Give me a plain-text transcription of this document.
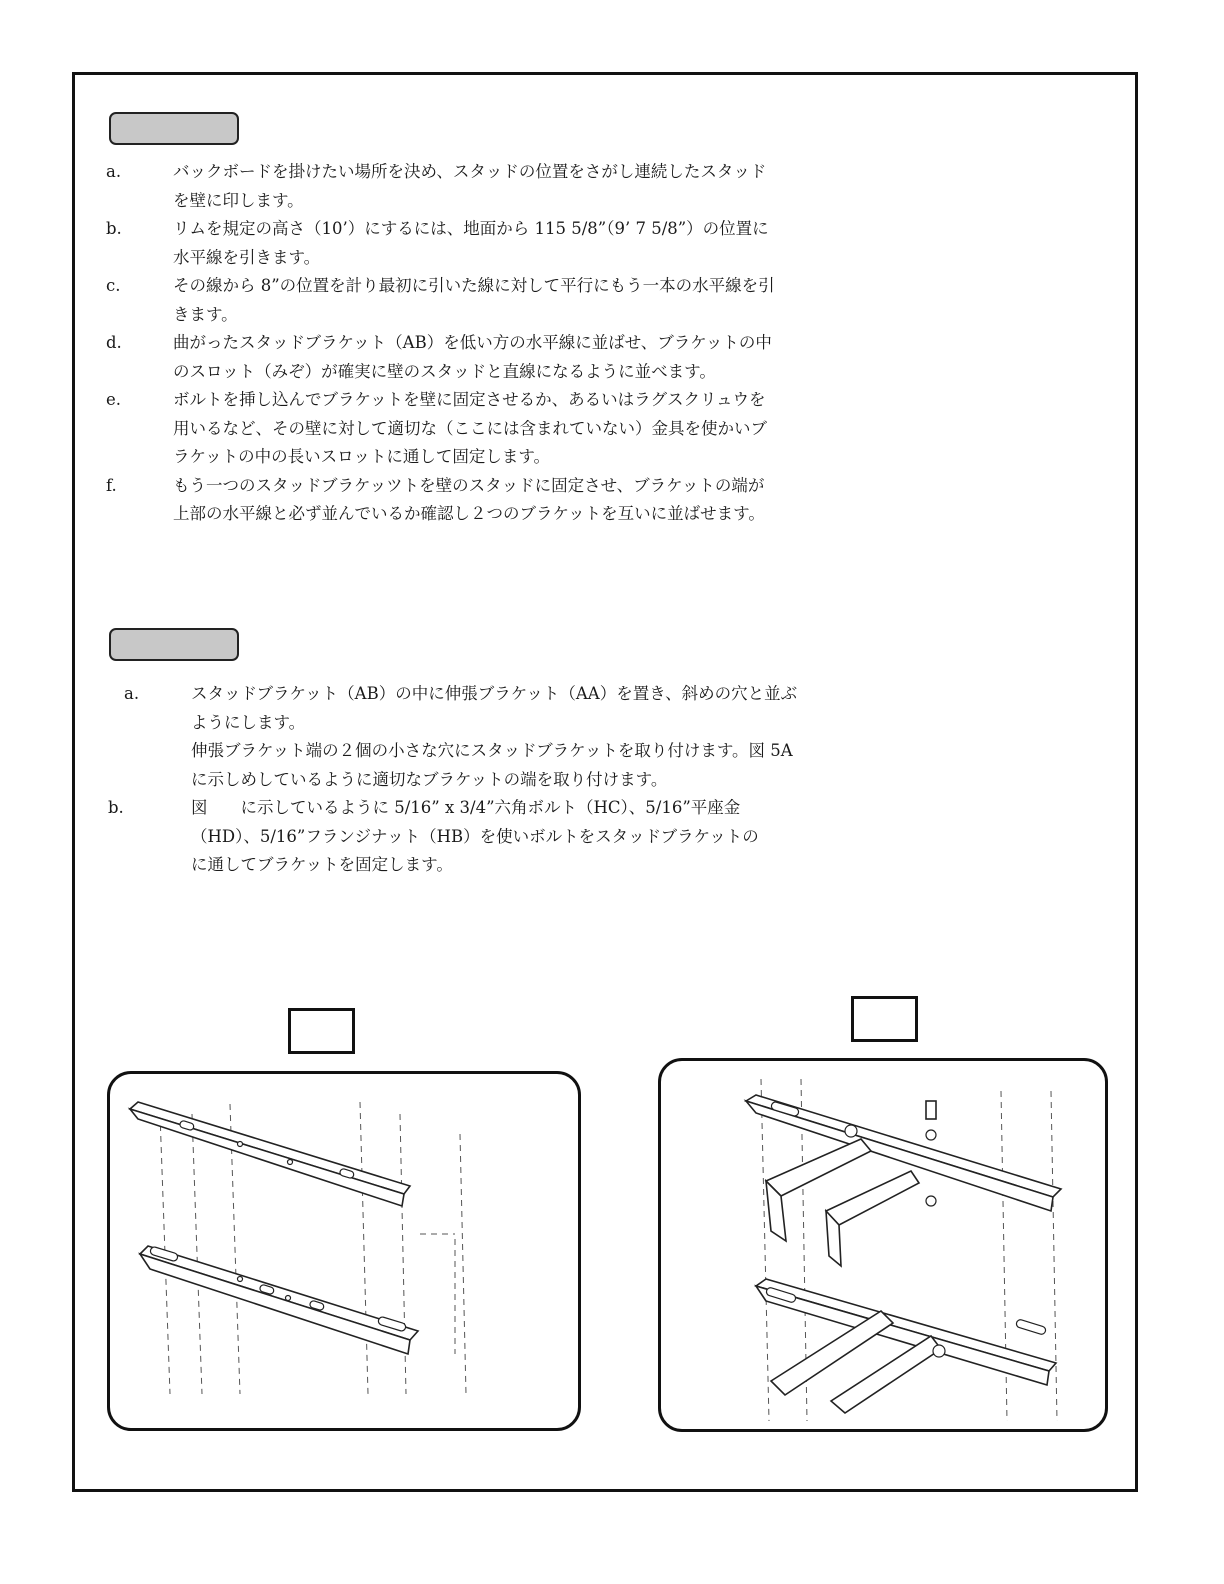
a.	バックボードを掛けたい場所を決め、スタッドの位置をさがし連続したスタッドを壁に印します。
b.	リムを規定の高さ（10’）にするには、地面から 115 5/8”（9’ 7 5/8”）の位置に水平線を引きます。
c.	その線から 8”の位置を計り最初に引いた線に対して平行にもう一本の水平線を引きます。
d.	曲がったスタッドブラケット（AB）を低い方の水平線に並ばせ、ブラケットの中のスロット（みぞ）が確実に壁のスタッドと直線になるように並べます。
e.	ボルトを挿し込んでブラケットを壁に固定させるか、あるいはラグスクリュウを用いるなど、その壁に対して適切な（ここには含まれていない）金具を使かいブラケットの中の長いスロットに通して固定します。
f.	もう一つのスタッドブラケッツトを壁のスタッドに固定させ、ブラケットの端が上部の水平線と必ず並んでいるか確認し２つのブラケットを互いに並ばせます。
a.	スタッドブラケット（AB）の中に伸張ブラケット（AA）を置き、斜めの穴と並ぶようにします。
伸張ブラケット端の２個の小さな穴にスタッドブラケットを取り付けます。図 5A に示しめしているように適切なブラケットの端を取り付けます。
b.	図　　に示しているように 5/16” x 3/4”六角ボルト（HC）、5/16”平座金（HD）、5/16”フランジナット（HB）を使いボルトをスタッドブラケットの　　　　　に通してブラケットを固定します。
